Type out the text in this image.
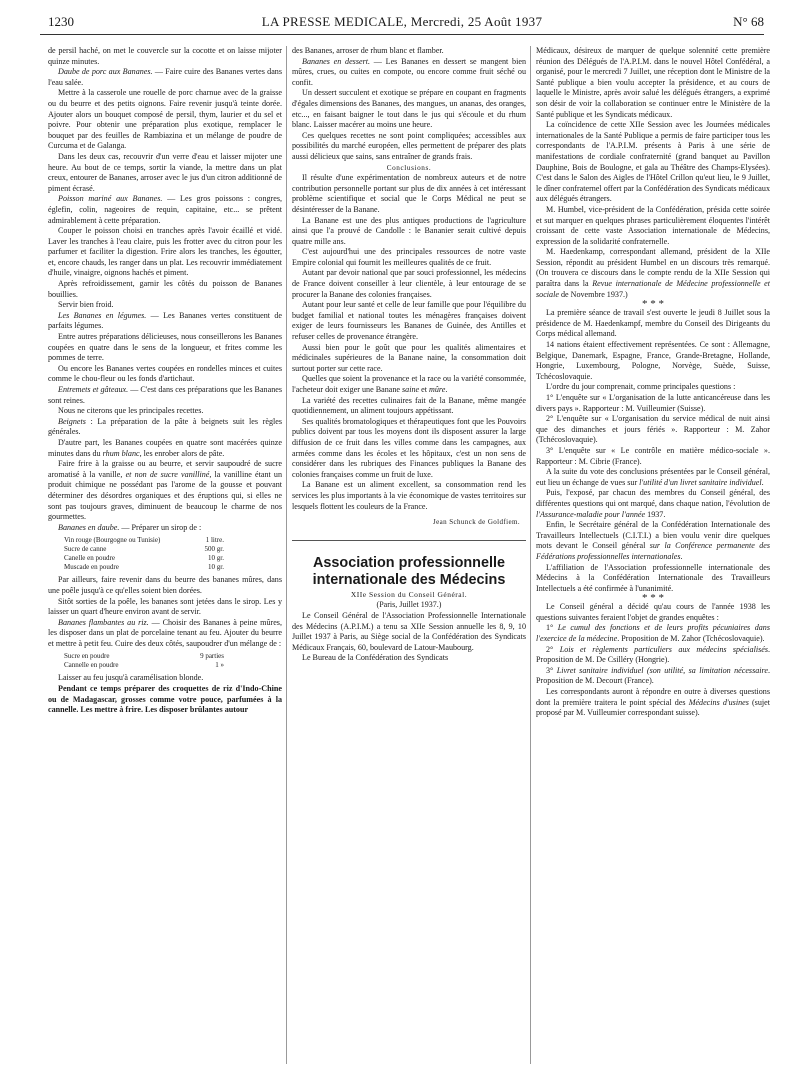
1230	LA PRESSE MEDICALE, Mercredi, 25 Août 1937	N° 68

de persil haché, on met le couvercle sur la cocotte et on laisse mijoter quinze minutes.

Daube de porc aux Bananes. — Faire cuire des Bananes vertes dans l'eau salée.

Mettre à la casserole une rouelle de porc charnue avec de la graisse ou du beurre et des petits oignons. Faire revenir jusqu'à teinte dorée. Ajouter alors un bouquet composé de persil, thym, laurier et du sel et poivre. Pour obtenir une préparation plus exotique, remplacer le bouquet par des feuilles de Rambiazina et un mélange de poudre de Curcuma et de Galanga.

Dans les deux cas, recouvrir d'un verre d'eau et laisser mijoter une heure. Au bout de ce temps, sortir la viande, la mettre dans un plat creux, entourer de Bananes, arroser avec le jus d'un citron additionné de piment écrasé.

Poisson mariné aux Bananes. — Les gros poissons : congres, églefin, colin, nageoires de requin, capitaine, etc... se prêtent admirablement à cette préparation.

Couper le poisson choisi en tranches après l'avoir écaillé et vidé. Laver les tranches à l'eau claire, puis les frotter avec du citron pour les parfumer et faciliter la digestion. Frire alors les tranches, les égoutter, et, encore chauds, les ranger dans un plat. Les recouvrir immédiatement d'huile, vinaigre, oignons hachés et piment.

Après refroidissement, garnir les côtés du poisson de Bananes bouillies.

Servir bien froid.

Les Bananes en légumes. — Les Bananes vertes constituent de parfaits légumes.

Entre autres préparations délicieuses, nous conseillerons les Bananes coupées en quatre dans le sens de la longueur, et frites comme les pommes de terre.

Ou encore les Bananes vertes coupées en rondelles minces et cuites comme le chou-fleur ou les fonds d'artichaut.

Entremets et gâteaux. — C'est dans ces préparations que les Bananes sont reines.

Nous ne citerons que les principales recettes.

Beignets : La préparation de la pâte à beignets suit les règles générales.

D'autre part, les Bananes coupées en quatre sont macérées quinze minutes dans du rhum blanc, les enrober alors de pâte.

Faire frire à la graisse ou au beurre, et servir saupoudré de sucre aromatisé à la vanille, et non de sucre vanilliné, la vanilline étant un produit chimique ne possédant pas l'arome de la gousse et pouvant déterminer des désordres organiques et des éruptions qui, si elles ne sont pas toujours graves, diminuent de beaucoup le charme de nos gourmettes.

Bananes en daube. — Préparer un sirop de :

Vin rouge (Bourgogne ou Tunisie)	1 litre.
Sucre de canne	500 gr.
Canelle en poudre	10 gr.
Muscade en poudre	10 gr.

Par ailleurs, faire revenir dans du beurre des bananes mûres, dans une poêle jusqu'à ce qu'elles soient bien dorées.

Sitôt sorties de la poêle, les bananes sont jetées dans le sirop. Les y laisser un quart d'heure environ avant de servir.

Bananes flambantes au riz. — Choisir des Bananes à peine mûres, les disposer dans un plat de porcelaine tenant au feu. Ajouter du beurre et mettre à petit feu. Cuire des deux côtés, saupoudrer d'un mélange de :

Sucre en poudre	9 parties
Cannelle en poudre	1 »

Laisser au feu jusqu'à caramélisation blonde.

Pendant ce temps préparer des croquettes de riz d'Indo-Chine ou de Madagascar, grosses comme votre pouce, parfumées à la cannelle. Les mettre à frire. Les disposer brûlantes autour

des Bananes, arroser de rhum blanc et flamber.

Bananes en dessert. — Les Bananes en dessert se mangent bien mûres, crues, ou cuites en compote, ou encore comme fruit séché ou confit.

Un dessert succulent et exotique se prépare en coupant en fragments d'égales dimensions des Bananes, des mangues, un ananas, des oranges, etc..., en faisant baigner le tout dans le jus qui s'écoule et du rhum blanc. Laisser macérer au moins une heure.

Ces quelques recettes ne sont point compliquées; accessibles aux possibilités du marché européen, elles permettent de préparer des plats aussi délicieux que sains, sans entraîner de grands frais.

Conclusions.

Il résulte d'une expérimentation de nombreux auteurs et de notre contribution personnelle portant sur plus de dix années à cet intéressant problème scientifique et social que le Corps Médical ne peut se désintéresser de la Banane.

La Banane est une des plus antiques productions de l'agriculture ainsi que l'a prouvé de Candolle : le Bananier serait cultivé depuis quatre mille ans.

C'est aujourd'hui une des principales ressources de notre vaste Empire colonial qui fournit les meilleures qualités de ce fruit.

Autant par devoir national que par souci professionnel, les médecins de France doivent conseiller à leur clientèle, à leur entourage de se procurer la Banane des colonies françaises.

Autant pour leur santé et celle de leur famille que pour l'équilibre du budget familial et national toutes les ménagères françaises doivent exiger de leurs fournisseurs les Bananes de Guinée, des Antilles et refuser celles de provenance étrangère.

Aussi bien pour le goût que pour les qualités alimentaires et médicinales supérieures de la Banane naine, la consommation doit surtout porter sur cette race.

Quelles que soient la provenance et la race ou la variété consommée, l'acheteur doit exiger une Banane saine et mûre.

La variété des recettes culinaires fait de la Banane, même mangée quotidiennement, un aliment toujours appétissant.

Ses qualités bromatologiques et thérapeutiques font que les Pouvoirs publics doivent par tous les moyens dont ils disposent assurer la large diffusion de ce fruit dans les villes comme dans les campagnes, aux armées comme dans les écoles et les hôpitaux, c'est un non sens de considérer dans les rubriques des Finances publiques la Banane des colonies françaises comme un fruit de luxe.

La Banane est un aliment excellent, sa consommation rend les services les plus importants à la vie économique de vastes territoires sur lesquels flottent les couleurs de la France.

Jean Schunck de Goldfiem.

Association professionnelle internationale des Médecins

XIIe Session du Conseil Général.

(Paris, Juillet 1937.)

Le Conseil Général de l'Association Professionnelle Internationale des Médecins (A.P.I.M.) a tenu sa XIIe Session annuelle les 8, 9, 10 Juillet 1937 à Paris, au Siège social de la Confédération des Syndicats Médicaux Français, 60, boulevard de Latour-Maubourg.

Le Bureau de la Confédération des Syndicats

Médicaux, désireux de marquer de quelque solennité cette première réunion des Délégués de l'A.P.I.M. dans le nouvel Hôtel Confédéral, a organisé, pour le mercredi 7 Juillet, une réception dont le Ministre de la Santé publique a bien voulu accepter la présidence, et au cours de laquelle le Ministre, après avoir salué les délégués étrangers, a exprimé son désir de voir la collaboration se continuer entre le Ministère de la Santé publique et les Syndicats médicaux.

La coïncidence de cette XIIe Session avec les Journées médicales internationales de la Santé Publique a permis de faire participer tous les correspondants de l'A.P.I.M. présents à Paris à une série de manifestations de cordiale confraternité (grand banquet au Pavillon Dauphine, Bois de Boulogne, et gala au Théâtre des Champs-Elysées). C'est dans le Salon des Aigles de l'Hôtel Crillon qu'eut lieu, le 9 Juillet, le dîner confraternel offert par la Confédération des Syndicats médicaux aux délégués étrangers.

M. Humbel, vice-président de la Confédération, présida cette soirée et sut marquer en quelques phrases particulièrement éloquentes l'intérêt croissant de cette vaste Association internationale de Médecins, expression de la solidarité confraternelle.

M. Haedenkamp, correspondant allemand, président de la XIIe Session, répondit au président Humbel en un discours très remarqué. (On trouvera ce discours dans le compte rendu de la XIIe Session qui paraîtra dans la Revue internationale de Médecine professionnelle et sociale de Novembre 1937.)

* * *

La première séance de travail s'est ouverte le jeudi 8 Juillet sous la présidence de M. Haedenkampf, membre du Conseil des Dirigeants du Corps médical allemand.

14 nations étaient effectivement représentées. Ce sont : Allemagne, Belgique, Danemark, Espagne, France, Grande-Bretagne, Hollande, Hongrie, Luxembourg, Pologne, Norvège, Suède, Suisse, Tchécoslovaquie.

L'ordre du jour comprenait, comme principales questions :

1° L'enquête sur « L'organisation de la lutte anticancéreuse dans les divers pays ». Rapporteur : M. Vuilleumier (Suisse).

2° L'enquête sur « L'organisation du service médical de nuit ainsi que des dimanches et jours fériés ». Rapporteur : M. Zahor (Tchécoslovaquie).

3° L'enquête sur « Le contrôle en matière médico-sociale ». Rapporteur : M. Cibrie (France).

A la suite du vote des conclusions présentées par le Conseil général, eut lieu un échange de vues sur l'utilité d'un livret sanitaire individuel.

Puis, l'exposé, par chacun des membres du Conseil général, des différentes questions qui ont marqué, dans chaque nation, l'évolution de l'Assurance-maladie pour l'année 1937.

Enfin, le Secrétaire général de la Confédération Internationale des Travailleurs Intellectuels (C.I.T.I.) a bien voulu venir dire quelques mots devant le Conseil général sur la Conférence permanente des Fédérations professionnelles internationales.

L'affiliation de l'Association professionnelle internationale des Médecins à la Confédération Internationale des Travailleurs Intellectuels a été confirmée à l'unanimité.

* * *

Le Conseil général a décidé qu'au cours de l'année 1938 les questions suivantes feraient l'objet de grandes enquêtes :

1° Le cumul des fonctions et de leurs profits pécuniaires dans l'exercice de la médecine. Proposition de M. Zahor (Tchécoslovaquie).

2° Lois et règlements particuliers aux médecins spécialisés. Proposition de M. De Csilléry (Hongrie).

3° Livret sanitaire individuel (son utilité, sa limitation nécessaire. Proposition de M. Decourt (France).

Les correspondants auront à répondre en outre à diverses questions dont la première traitera le point spécial des Médecins d'usines (sujet proposé par M. Vuilleumier correspondant suisse).
